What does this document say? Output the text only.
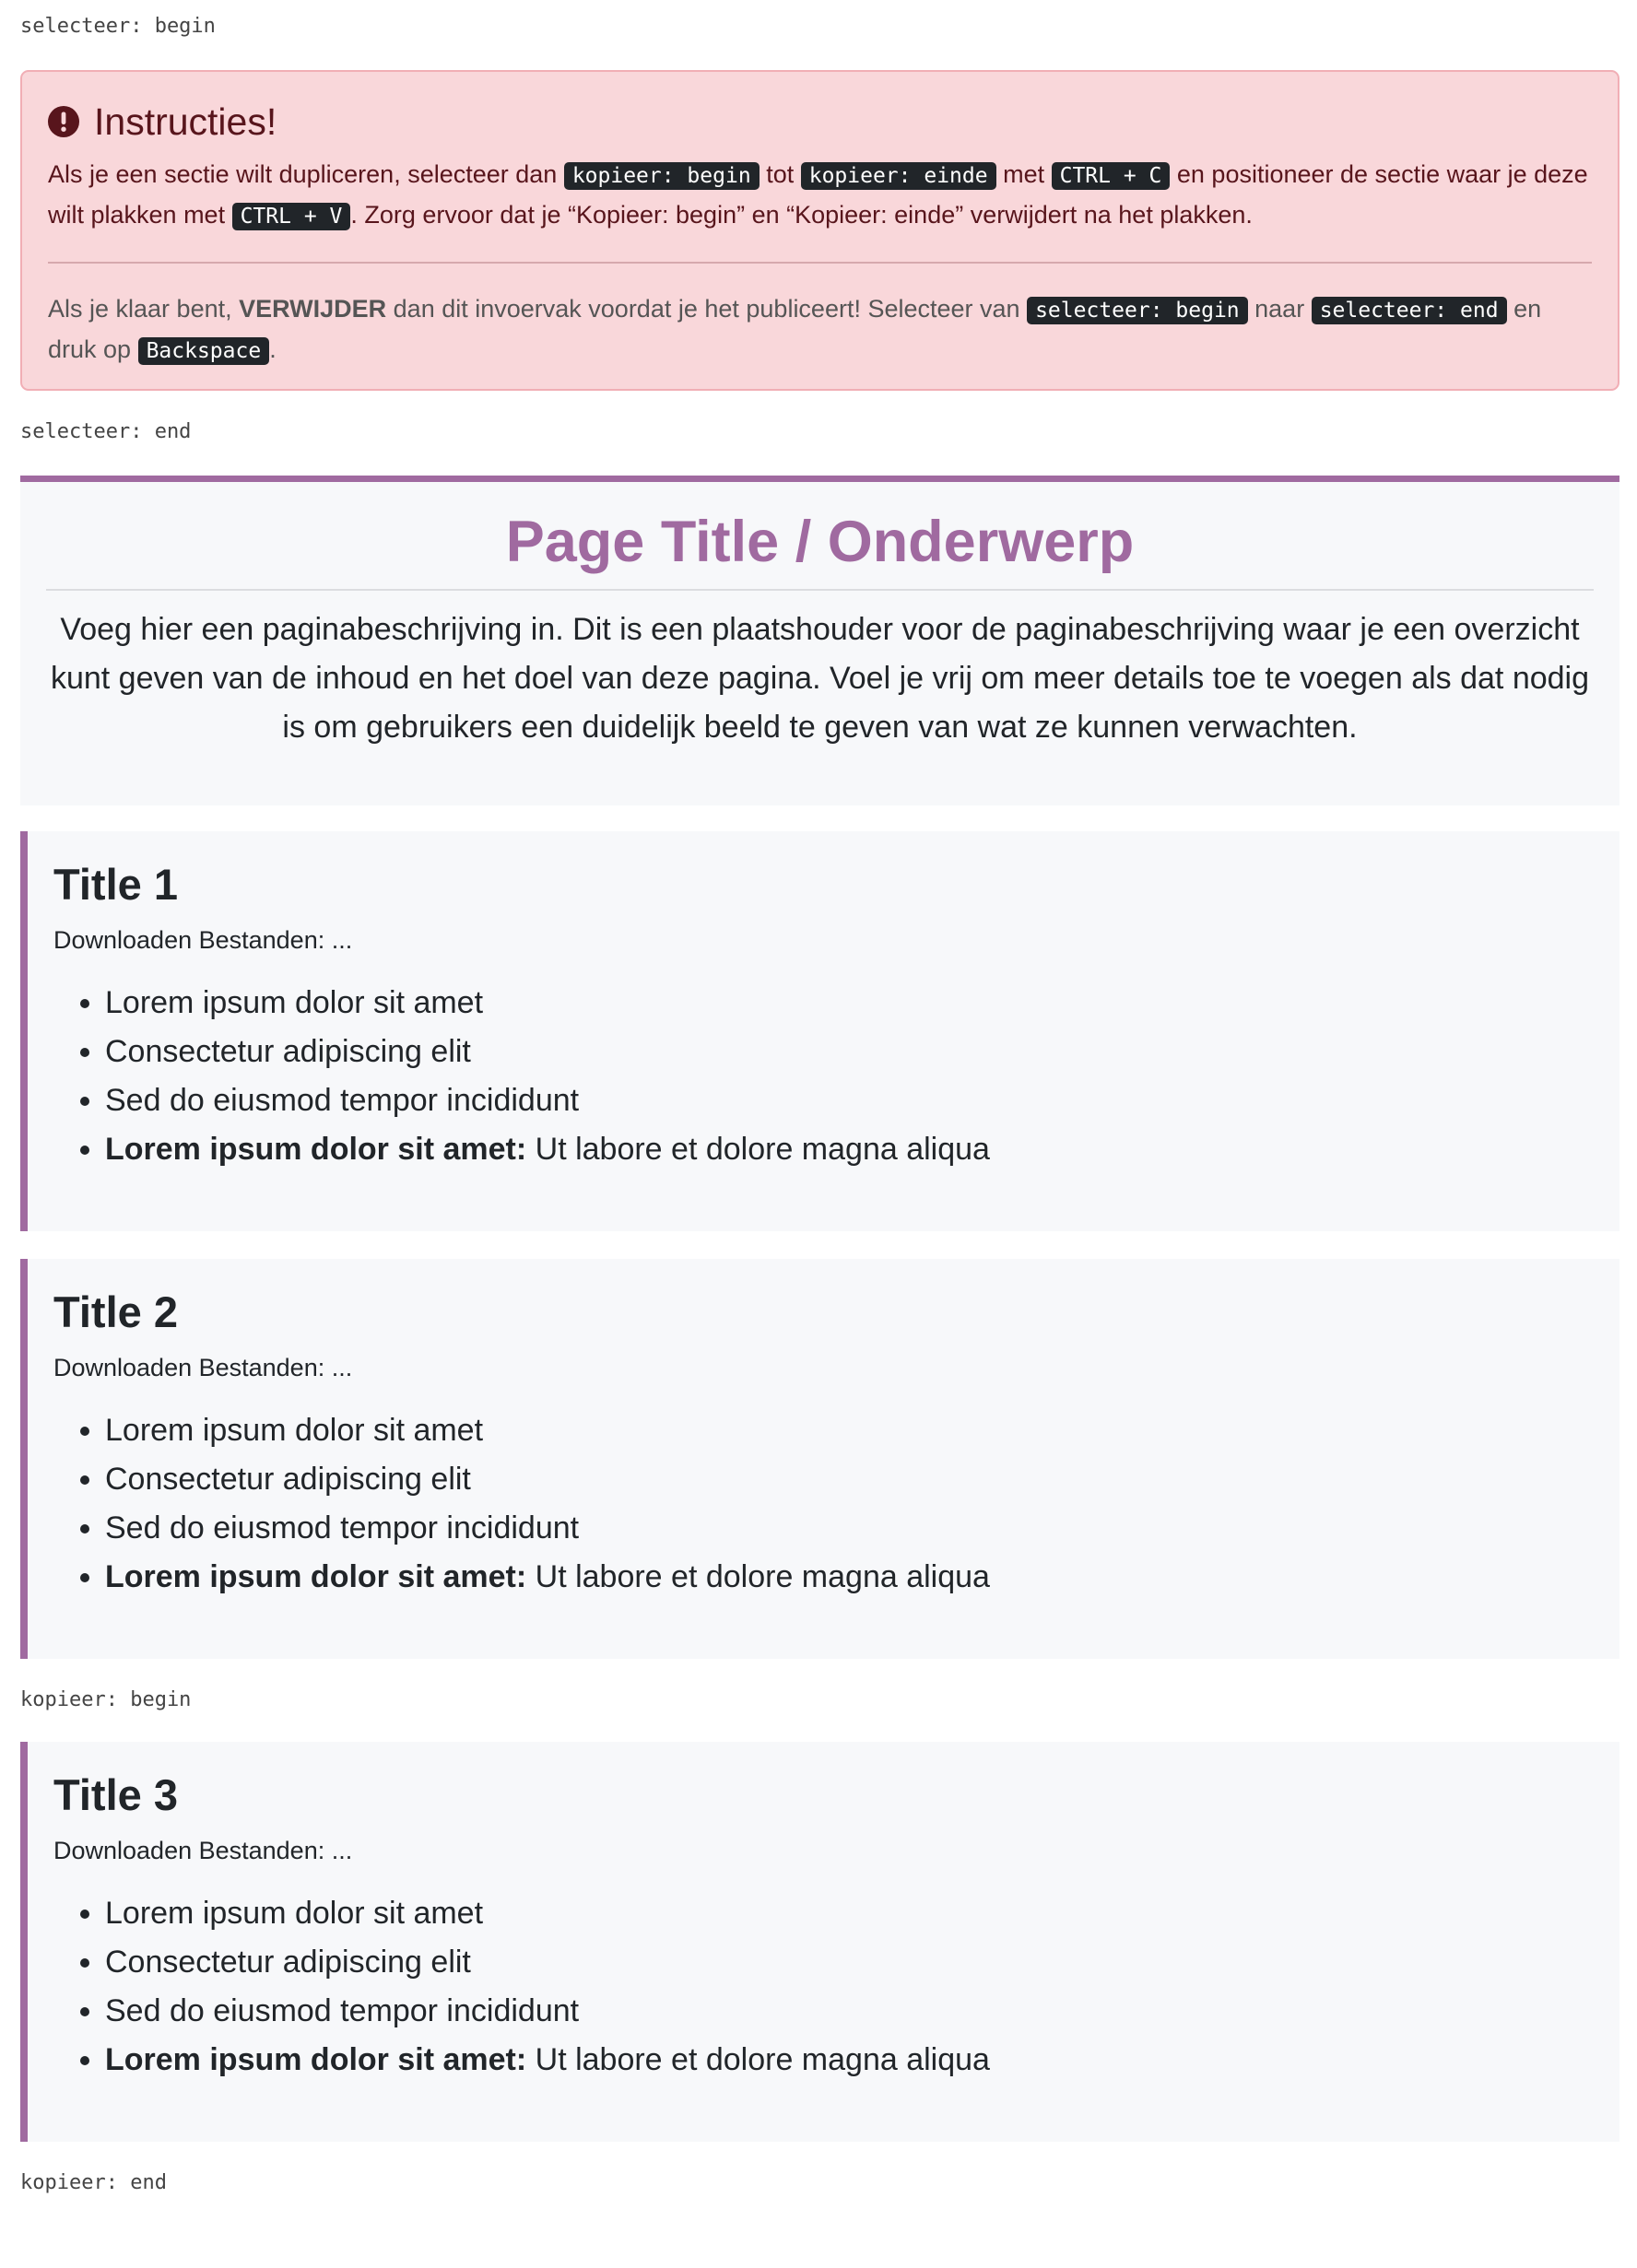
selecteer: begin
Instructies!

Als je een sectie wilt dupliceren, selecteer dan kopieer: begin tot kopieer: einde met CTRL + C en positioneer de sectie waar je deze wilt plakken met CTRL + V . Zorg ervoor dat je “Kopieer: begin” en “Kopieer: einde” verwijdert na het plakken.

Als je klaar bent, VERWIJDER dan dit invoervak voordat je het publiceert! Selecteer van selecteer: begin naar selecteer: end en druk op Backspace .

selecteer: end
Page Title / Onderwerp

Voeg hier een paginabeschrijving in. Dit is een plaatshouder voor de paginabeschrijving waar je een overzicht kunt geven van de inhoud en het doel van deze pagina. Voel je vrij om meer details toe te voegen als dat nodig is om gebruikers een duidelijk beeld te geven van wat ze kunnen verwachten.

Title 1

Downloaden Bestanden: ...

• Lorem ipsum dolor sit amet
• Consectetur adipiscing elit
• Sed do eiusmod tempor incididunt
• Lorem ipsum dolor sit amet: Ut labore et dolore magna aliqua
Title 2

Downloaden Bestanden: ...

• Lorem ipsum dolor sit amet
• Consectetur adipiscing elit
• Sed do eiusmod tempor incididunt
• Lorem ipsum dolor sit amet: Ut labore et dolore magna aliqua
kopieer: begin
Title 3

Downloaden Bestanden: ...

• Lorem ipsum dolor sit amet
• Consectetur adipiscing elit
• Sed do eiusmod tempor incididunt
• Lorem ipsum dolor sit amet: Ut labore et dolore magna aliqua
kopieer: end
